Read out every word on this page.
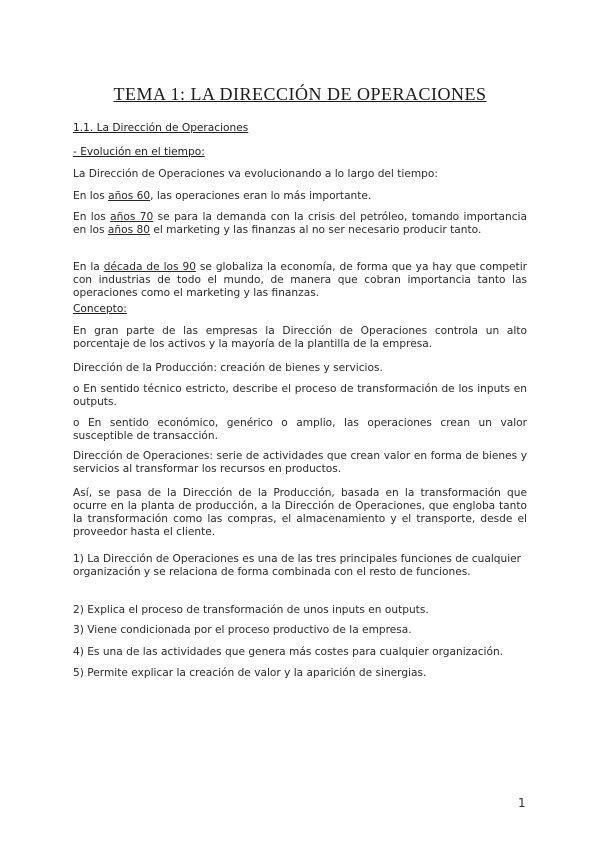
TEMA 1: LA DIRECCIÓN DE OPERACIONES

1.1. La Dirección de Operaciones

- Evolución en el tiempo:

La Dirección de Operaciones va evolucionando a lo largo del tiempo:

En los años 60, las operaciones eran lo más importante.

En los años 70 se para la demanda con la crisis del petróleo, tomando importancia en los años 80 el marketing y las finanzas al no ser necesario producir tanto.

En la década de los 90 se globaliza la economía, de forma que ya hay que competir con industrias de todo el mundo, de manera que cobran importancia tanto las operaciones como el marketing y las finanzas.

Concepto:

En gran parte de las empresas la Dirección de Operaciones controla un alto porcentaje de los activos y la mayoría de la plantilla de la empresa.

Dirección de la Producción: creación de bienes y servicios.

o En sentido técnico estricto, describe el proceso de transformación de los inputs en outputs.

o En sentido económico, genérico o amplio, las operaciones crean un valor susceptible de transacción.

Dirección de Operaciones: serie de actividades que crean valor en forma de bienes y servicios al transformar los recursos en productos.

Así, se pasa de la Dirección de la Producción, basada en la transformación que ocurre en la planta de producción, a la Dirección de Operaciones, que engloba tanto la transformación como las compras, el almacenamiento y el transporte, desde el proveedor hasta el cliente.

1) La Dirección de Operaciones es una de las tres principales funciones de cualquier organización y se relaciona de forma combinada con el resto de funciones.

2) Explica el proceso de transformación de unos inputs en outputs.

3) Viene condicionada por el proceso productivo de la empresa.

4) Es una de las actividades que genera más costes para cualquier organización.

5) Permite explicar la creación de valor y la aparición de sinergias.

1
